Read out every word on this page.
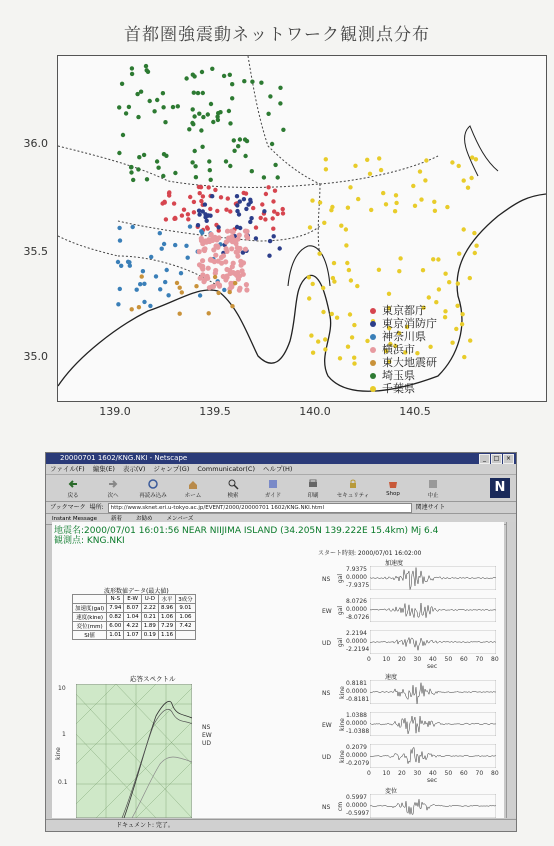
首都圏強震動ネットワーク観測点分布
36.0
35.5
35.0
139.0	139.5	140.0	140.5
東京都庁
東京消防庁
神奈川県
横浜市
東大地震研
埼玉県
千葉県
20000701 1602/KNG.NKI - Netscape	_	□	×
ファイル(F) 編集(E) 表示(V) ジャンプ(G) Communicator(C) ヘルプ(H)
戻る	次へ	再読み込み	ホーム	検索	ガイド	印刷	セキュリティ	Shop	中止
N
ブックマーク 場所:	http://www.sknet.eri.u-tokyo.ac.jp/EVENT/2000/20000701 1602/KNG.NKI.html	関連サイト
Instant Message	新着	お勧め	メンバーズ
地震名:2000/07/01 16:01:56 NEAR NIIJIMA ISLAND (34.205N 139.222E 15.4km) Mj 6.4
観測点: KNG.NKI
スタート時刻: 2000/07/01 16:02:00
波形数値データ(最大値)
	N-S	E-W	U-D	水平	3成分
加速度(gal)	7.94	8.07	2.22	8.96	9.01
速度(kine)	0.82	1.04	0.21	1.06	1.06
変位(mm)	6.00	4.22	1.89	7.29	7.42
SI値	1.01	1.07	0.19	1.16	
応答スペクトル
10
1
0.1
kine
NS
EW
UD
加速度
速度
変位
NS gal
7.9375
0.0000
-7.9375
EW gal
8.0726
0.0000
-8.0726
UD gal
2.2194
0.0000
-2.2194
0 10 20 30 40 50 60 70 80
sec
NS kine
0.8181
0.0000
-0.8181
EW kine
1.0388
0.0000
-1.0388
UD kine
0.2079
0.0000
-0.2079
0 10 20 30 40 50 60 70 80
sec
NS cm
0.5997
0.0000
-0.5997
ドキュメント: 完了。
